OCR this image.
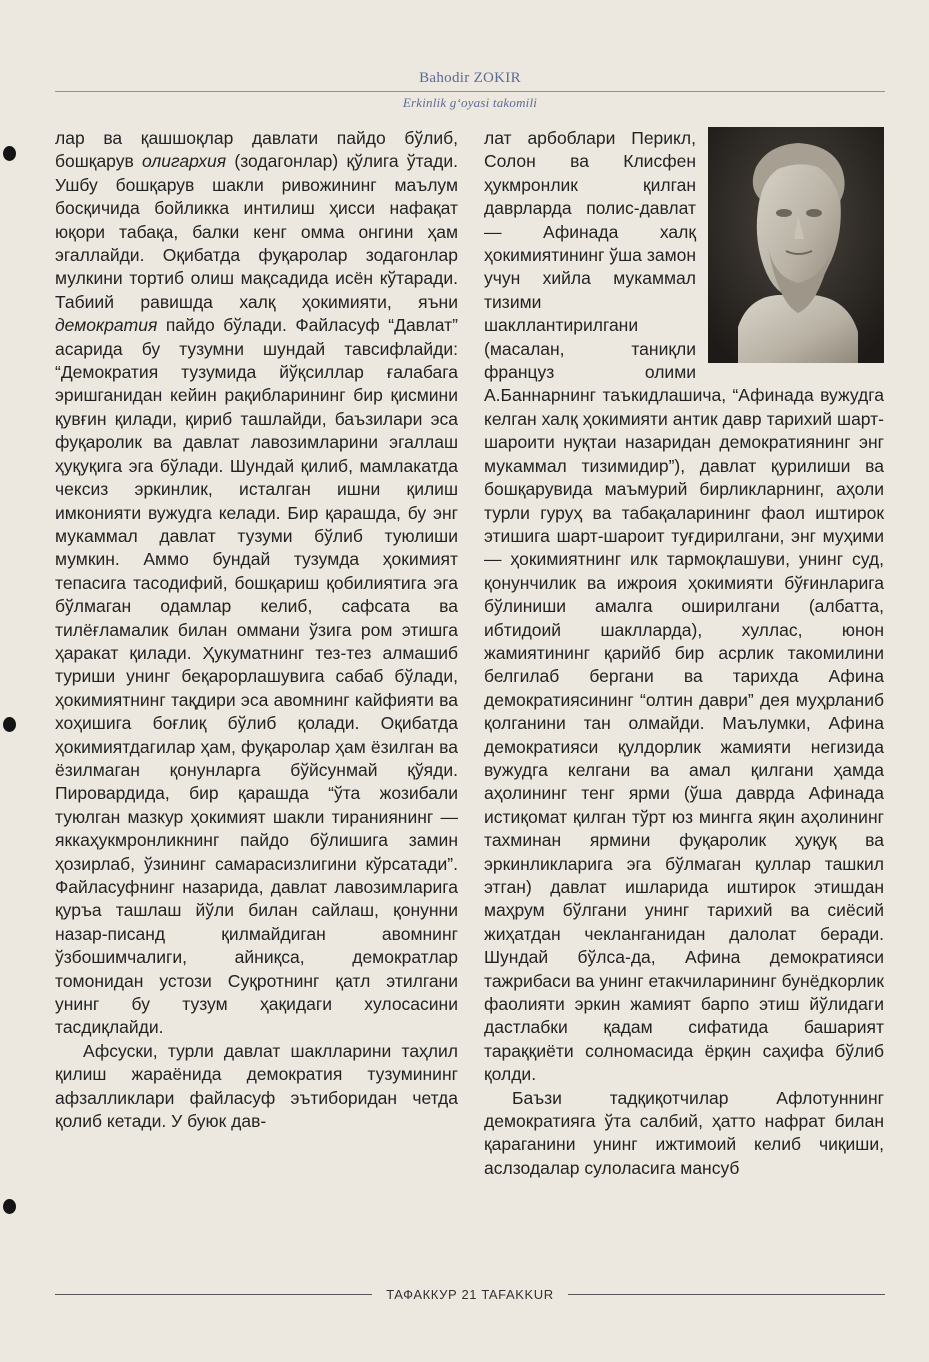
Bahodir ZOKIR
Erkinlik g‘oyasi takomili

лар ва қашшоқлар давлати пайдо бўлиб, бошқарув олигархия (зодагонлар) қўлига ўтади. Ушбу бошқарув шакли ривожининг маълум босқичида бойликка интилиш ҳисси нафақат юқори табақа, балки кенг омма онгини ҳам эгаллайди. Оқибатда фуқаролар зодагонлар мулкини тортиб олиш мақсадида исён кўтаради. Табиий равишда халқ ҳокимияти, яъни демократия пайдо бўлади. Файласуф “Давлат” асарида бу тузумни шундай тавсифлайди: “Демократия тузумида йўқсиллар ғалабага эришганидан кейин рақибларининг бир қисмини қувғин қилади, қириб ташлайди, баъзилари эса фуқаролик ва давлат лавозимларини эгаллаш ҳуқуқига эга бўлади. Шундай қилиб, мамлакатда чексиз эркинлик, исталган ишни қилиш имконияти вужудга келади. Бир қарашда, бу энг мукаммал давлат тузуми бўлиб туюлиши мумкин. Аммо бундай тузумда ҳокимият тепасига тасодифий, бошқариш қобилиятига эга бўлмаган одамлар келиб, сафсата ва тилёғламалик билан оммани ўзига ром этишга ҳаракат қилади. Ҳукуматнинг тез-тез алмашиб туриши унинг беқарорлашувига сабаб бўлади, ҳокимиятнинг тақдири эса авомнинг кайфияти ва хоҳишига боғлиқ бўлиб қолади. Оқибатда ҳокимиятдагилар ҳам, фуқаролар ҳам ёзилган ва ёзилмаган қонунларга бўйсунмай қўяди. Пировардида, бир қарашда “ўта жозибали туюлган мазкур ҳокимият шакли тираниянинг — яккаҳукмронликнинг пайдо бўлишига замин ҳозирлаб, ўзининг самарасизлигини кўрсатади”. Файласуфнинг назарида, давлат лавозимларига қуръа ташлаш йўли билан сайлаш, қонунни назар-писанд қилмайдиган авомнинг ўзбошимчалиги, айниқса, демократлар томонидан устози Суқротнинг қатл этилгани унинг бу тузум ҳақидаги хулосасини тасдиқлайди.

Афсуски, турли давлат шаклларини таҳлил қилиш жараёнида демократия тузумининг афзалликлари файласуф эътиборидан четда қолиб кетади. У буюк дав-

лат арбоблари Перикл, Солон ва Клисфен ҳукмронлик қилган даврларда полис-давлат — Афинада халқ ҳокимиятининг ўша замон учун хийла мукаммал тизими шакллантирилгани (масалан, таниқли француз олими А.Баннарнинг таъкидлашича, “Афинада вужудга келган халқ ҳокимияти антик давр тарихий шарт-шароити нуқтаи назаридан демократиянинг энг мукаммал тизимидир”), давлат қурилиши ва бошқарувида маъмурий бирликларнинг, аҳоли турли гуруҳ ва табақаларининг фаол иштирок этишига шарт-шароит туғдирилгани, энг муҳими — ҳокимиятнинг илк тармоқлашуви, унинг суд, қонунчилик ва ижроия ҳокимияти бўғинларига бўлиниши амалга оширилгани (албатта, ибтидоий шаклларда), хуллас, юнон жамиятининг қарийб бир асрлик такомилини белгилаб бергани ва тарихда Афина демократиясининг “олтин даври” дея муҳрланиб қолганини тан олмайди. Маълумки, Афина демократияси қулдорлик жамияти негизида вужудга келгани ва амал қилгани ҳамда аҳолининг тенг ярми (ўша даврда Афинада истиқомат қилган тўрт юз мингга яқин аҳолининг тахминан ярмини фуқаролик ҳуқуқ ва эркинликларига эга бўлмаган қуллар ташкил этган) давлат ишларида иштирок этишдан маҳрум бўлгани унинг тарихий ва сиёсий жиҳатдан чекланганидан далолат беради. Шундай бўлса-да, Афина демократияси тажрибаси ва унинг етакчиларининг бунёдкорлик фаолияти эркин жамият барпо этиш йўлидаги дастлабки қадам сифатида башарият тараққиёти солномасида ёрқин саҳифа бўлиб қолди.

Баъзи тадқиқотчилар Афлотуннинг демократияга ўта салбий, ҳатто нафрат билан қараганини унинг ижтимоий келиб чиқиши, аслзодалар сулоласига мансуб

ТАФАККУР 21 TAFAKKUR
